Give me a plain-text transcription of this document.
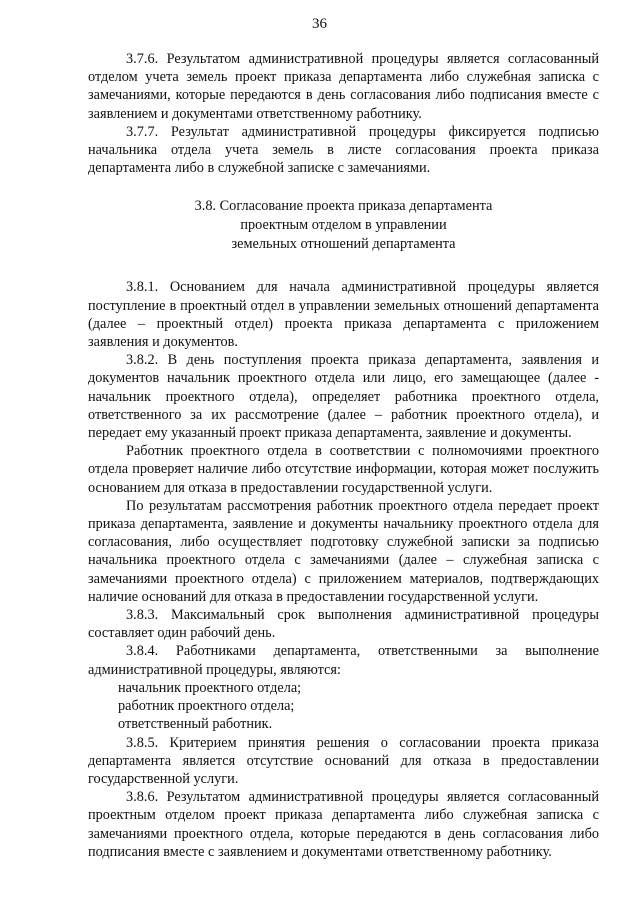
36

3.7.6. Результатом административной процедуры является согласованный отделом учета земель проект приказа департамента либо служебная записка с замечаниями, которые передаются в день согласования либо подписания вместе с заявлением и документами ответственному работнику.

3.7.7. Результат административной процедуры фиксируется подписью начальника отдела учета земель в листе согласования проекта приказа департамента либо в служебной записке с замечаниями.

3.8. Согласование проекта приказа департамента
проектным отделом в управлении
земельных отношений департамента

3.8.1. Основанием для начала административной процедуры является поступление в проектный отдел в управлении земельных отношений департамента (далее – проектный отдел) проекта приказа департамента с приложением заявления и документов.

3.8.2. В день поступления проекта приказа департамента, заявления и документов начальник проектного отдела или лицо, его замещающее (далее - начальник проектного отдела), определяет работника проектного отдела, ответственного за их рассмотрение (далее – работник проектного отдела), и передает ему указанный проект приказа департамента, заявление и документы.

Работник проектного отдела в соответствии с полномочиями проектного отдела проверяет наличие либо отсутствие информации, которая может послужить основанием для отказа в предоставлении государственной услуги.

По результатам рассмотрения работник проектного отдела передает проект приказа департамента, заявление и документы начальнику проектного отдела для согласования, либо осуществляет подготовку служебной записки за подписью начальника проектного отдела с замечаниями (далее – служебная записка с замечаниями проектного отдела) с приложением материалов, подтверждающих наличие оснований для отказа в предоставлении государственной услуги.

3.8.3. Максимальный срок выполнения административной процедуры составляет один рабочий день.

3.8.4. Работниками департамента, ответственными за выполнение административной процедуры, являются:

начальник проектного отдела;

работник проектного отдела;

ответственный работник.

3.8.5. Критерием принятия решения о согласовании проекта приказа департамента является отсутствие оснований для отказа в предоставлении государственной услуги.

3.8.6. Результатом административной процедуры является согласованный проектным отделом проект приказа департамента либо служебная записка с замечаниями проектного отдела, которые передаются в день согласования либо подписания вместе с заявлением и документами ответственному работнику.
